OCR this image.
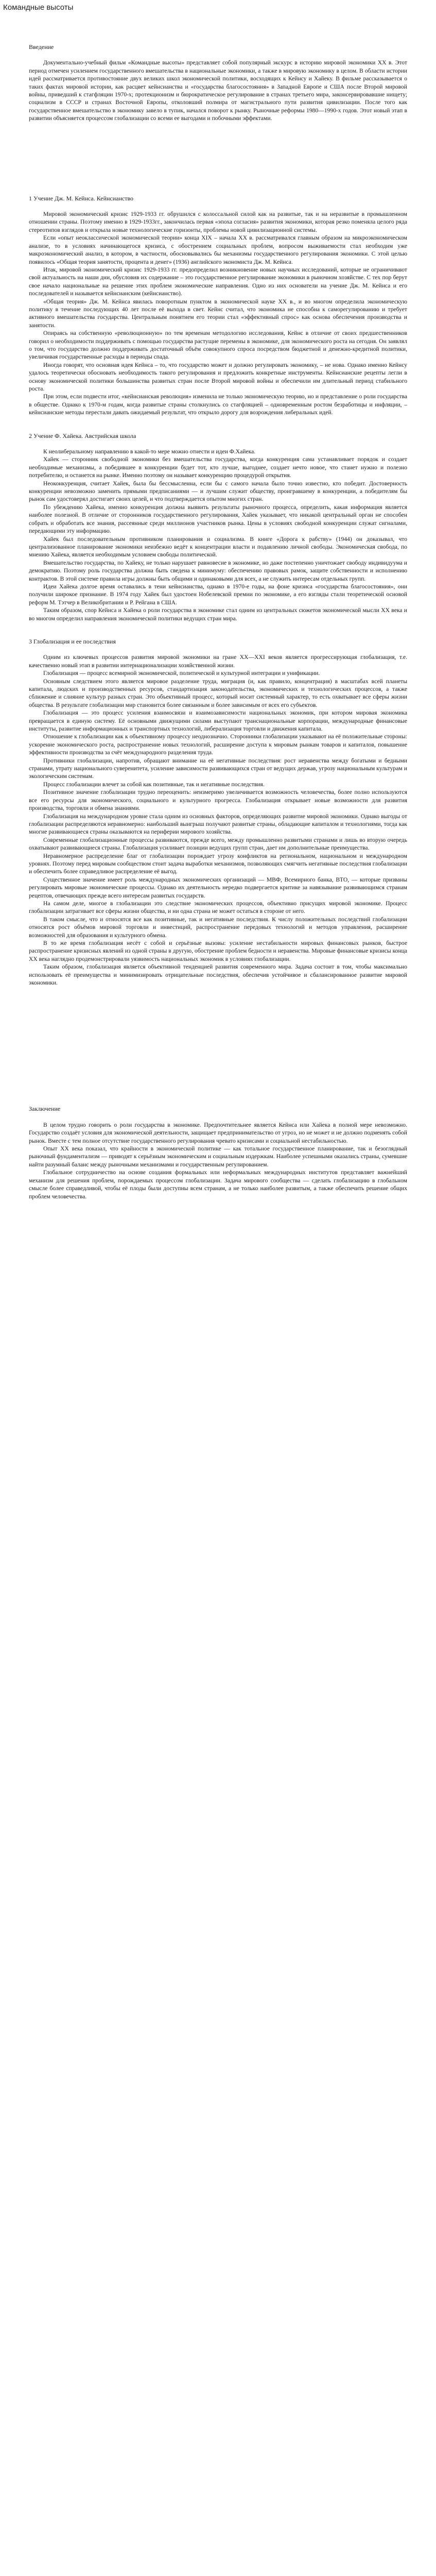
Командные высоты

Введение

Документально-учебный фильм «Командные высоты» представляет собой популярный экскурс в историю мировой экономики XX в. Этот период отмечен усилением государственного вмешательства в национальные экономики, а также в мировую экономику в целом. В области истории идей рассматривается противостояние двух великих школ экономической политики, восходящих к Кейнсу и Хайеку. В фильме рассказывается о таких фактах мировой истории, как расцвет кейнсианства и «государства благосостояния» в Западной Европе и США после Второй мировой войны, приведший к стагфляции 1970-х; протекционизм и бюрократическое регулирование в странах третьего мира, законсервировавшие нищету; социализм в СССР и странах Восточной Европы, отколовший полмира от магистрального пути развития цивилизации. После того как государственное вмешательство в экономику завело в тупик, начался поворот к рынку. Рыночные реформы 1980—1990-х годов. Этот новый этап в развитии объясняется процессом глобализации со всеми ее выгодами и побочными эффектами.

1 Учение Дж. М. Кейнса. Кейнсианство

Мировой экономический кризис 1929-1933 гг. обрушился с колоссальной силой как на развитые, так и на неразвитые в промышленном отношении страны. Поэтому именно в 1929-1933гг., закончилась первая «эпоха согласия» развития экономики, которая резко поменяла целого ряда стереотипов взглядов и открыла новые технологические горизонты, проблемы новой цивилизационной системы.

Если «опыт неоклассической экономической теории» конца XIX – начала XX в. рассматривался главным образом на микроэкономическом анализе, то в условиях начинающегося кризиса, с обострением социальных проблем, вопросом выживаемости стал необходим уже макроэкономический анализ, в котором, в частности, обосновывались бы механизмы государственного регулирования экономики. С этой целью появилось «Общая теория занятости, процента и денег» (1936) английского экономиста Дж. М. Кейнса.

Итак, мировой экономический кризис 1929-1933 гг. предопределил возникновение новых научных исследований, которые не ограничивают свой актуальность на наши дни, обусловив их содержание – это государственное регулирование экономики в рыночном хозяйстве. С тех пор берут свое начало национальные на решение этих проблем экономические направления. Одно из них основатели на учение Дж. М. Кейнса и его последователей и называется кейнсианским (кейнсианство).

«Общая теория» Дж. М. Кейнса явилась поворотным пунктом в экономической науке XX в., и во многом определила экономическую политику в течение последующих 40 лет после её выхода в свет. Кейнс считал, что экономика не способна к саморегулированию и требует активного вмешательства государства. Центральным понятием его теории стал «эффективный спрос» как основа обеспечения производства и занятости.

Опираясь на собственную «революционную» по тем временам методологию исследования, Кейнс в отличие от своих предшественников говорил о необходимости поддерживать с помощью государства растущие перемены в экономике, для экономического роста на сегодня. Он заявлял о том, что государство должно поддерживать достаточный объём совокупного спроса посредством бюджетной и денежно-кредитной политики, увеличивая государственные расходы в периоды спада.

Иногда говорят, что основная идея Кейнса – то, что государство может и должно регулировать экономику, – не нова. Однако именно Кейнсу удалось теоретически обосновать необходимость такого регулирования и предложить конкретные инструменты. Кейнсианские рецепты легли в основу экономической политики большинства развитых стран после Второй мировой войны и обеспечили им длительный период стабильного роста.

При этом, если подвести итог, «кейнсианская революция» изменила не только экономическую теорию, но и представление о роли государства в обществе. Однако к 1970-м годам, когда развитые страны столкнулись со стагфляцией – одновременным ростом безработицы и инфляции, – кейнсианские методы перестали давать ожидаемый результат, что открыло дорогу для возрождения либеральных идей.

2 Учение Ф. Хайека. Австрийская школа

К неолиберальному направлению в какой-то мере можно отнести и идеи Ф.Хайека.

Хайек — сторонник свободной экономики без вмешательства государства, когда конкуренция сама устанавливает порядок и создает необходимые механизмы, а победившее в конкуренции будет тот, кто лучше, выгоднее, создает нечто новое, что станет нужно и полезно потребителю, и останется на рынке. Именно поэтому он называет конкуренцию процедурой открытия.

Неоконкуренция, считает Хайек, была бы бессмысленна, если бы с самого начала было точно известно, кто победит. Достоверность конкуренции невозможно заменить прямыми предписаниями — и лучшим служит обществу, проигравшему в конкуренции, а победителям бы рынок сам удостоверял достигает своих целей, и что подтверждается опытом многих стран.

По убеждению Хайека, именно конкуренция должна выявить результаты рыночного процесса, определить, какая информация является наиболее полезной. В отличие от сторонников государственного регулирования, Хайек указывает, что никакой центральный орган не способен собрать и обработать все знания, рассеянные среди миллионов участников рынка. Цены в условиях свободной конкуренции служат сигналами, передающими эту информацию.

Хайек был последовательным противником планирования и социализма. В книге «Дорога к рабству» (1944) он доказывал, что централизованное планирование экономики неизбежно ведёт к концентрации власти и подавлению личной свободы. Экономическая свобода, по мнению Хайека, является необходимым условием свободы политической.

Вмешательство государства, по Хайеку, не только нарушает равновесие в экономике, но даже постепенно уничтожает свободу индивидуума и демократию. Поэтому роль государства должна быть сведена к минимуму: обеспечению правовых рамок, защите собственности и исполнению контрактов. В этой системе правила игры должны быть общими и одинаковыми для всех, а не служить интересам отдельных групп.

Идеи Хайека долгое время оставались в тени кейнсианства, однако в 1970-е годы, на фоне кризиса «государства благосостояния», они получили широкое признание. В 1974 году Хайек был удостоен Нобелевской премии по экономике, а его взгляды стали теоретической основой реформ М. Тэтчер в Великобритании и Р. Рейгана в США.

Таким образом, спор Кейнса и Хайека о роли государства в экономике стал одним из центральных сюжетов экономической мысли XX века и во многом определил направления экономической политики ведущих стран мира.

3 Глобализация и ее последствия

Одним из ключевых процессов развития мировой экономики на гране XX—XXI веков является прогрессирующая глобализация, т.е. качественно новый этап в развитии интернационализации хозяйственной жизни.

Глобализация — процесс всемирной экономической, политической и культурной интеграции и унификации.

Основным следствием этого является мировое разделение труда, миграция (и, как правило, концентрация) в масштабах всей планеты капитала, людских и производственных ресурсов, стандартизация законодательства, экономических и технологических процессов, а также сближение и слияние культур разных стран. Это объективный процесс, который носит системный характер, то есть охватывает все сферы жизни общества. В результате глобализации мир становится более связанным и более зависимым от всех его субъектов.

Глобализация — это процесс усиления взаимосвязи и взаимозависимости национальных экономик, при котором мировая экономика превращается в единую систему. Её основными движущими силами выступают транснациональные корпорации, международные финансовые институты, развитие информационных и транспортных технологий, либерализация торговли и движения капитала.

Отношение к глобализации как к объективному процессу неоднозначно. Сторонники глобализации указывают на её положительные стороны: ускорение экономического роста, распространение новых технологий, расширение доступа к мировым рынкам товаров и капиталов, повышение эффективности производства за счёт международного разделения труда.

Противники глобализации, напротив, обращают внимание на её негативные последствия: рост неравенства между богатыми и бедными странами, утрату национального суверенитета, усиление зависимости развивающихся стран от ведущих держав, угрозу национальным культурам и экологическим системам.

Процесс глобализации влечет за собой как позитивные, так и негативные последствия.

Позитивное значение глобализации трудно переоценить: неизмеримо увеличивается возможность человечества, более полно используются все его ресурсы для экономического, социального и культурного прогресса. Глобализация открывает новые возможности для развития производства, торговли и обмена знаниями.

Глобализация на международном уровне стала одним из основных факторов, определяющих развитие мировой экономики. Однако выгоды от глобализации распределяются неравномерно: наибольший выигрыш получают развитые страны, обладающие капиталом и технологиями, тогда как многие развивающиеся страны оказываются на периферии мирового хозяйства.

Современные глобализационные процессы развиваются, прежде всего, между промышленно развитыми странами и лишь во вторую очередь охватывают развивающиеся страны. Глобализация усиливает позиции ведущих групп стран, дает им дополнительные преимущества.

Неравномерное распределение благ от глобализации порождает угрозу конфликтов на региональном, национальном и международном уровнях. Поэтому перед мировым сообществом стоит задача выработки механизмов, позволяющих смягчить негативные последствия глобализации и обеспечить более справедливое распределение её выгод.

Существенное значение имеет роль международных экономических организаций — МВФ, Всемирного банка, ВТО, — которые призваны регулировать мировые экономические процессы. Однако их деятельность нередко подвергается критике за навязывание развивающимся странам рецептов, отвечающих прежде всего интересам развитых государств.

На самом деле, многое в глобализации это следствие экономических процессов, объективно присущих мировой экономике. Процесс глобализации затрагивает все сферы жизни общества, и ни одна страна не может остаться в стороне от него.

В таком смысле, что и относятся все как позитивные, так и негативные последствия. К числу положительных последствий глобализации относятся рост объёмов мировой торговли и инвестиций, распространение передовых технологий и методов управления, расширение возможностей для образования и культурного обмена.

В то же время глобализация несёт с собой и серьёзные вызовы: усиление нестабильности мировых финансовых рынков, быстрое распространение кризисных явлений из одной страны в другую, обострение проблем бедности и неравенства. Мировые финансовые кризисы конца XX века наглядно продемонстрировали уязвимость национальных экономик в условиях глобализации.

Таким образом, глобализация является объективной тенденцией развития современного мира. Задача состоит в том, чтобы максимально использовать её преимущества и минимизировать отрицательные последствия, обеспечив устойчивое и сбалансированное развитие мировой экономики.

Заключение

В целом трудно говорить о роли государства в экономике. Предпочтительнее является Кейнса или Хайека в полной мере невозможно. Государство создаёт условия для экономической деятельности, защищает предпринимательство от угроз, но не может и не должно подменять собой рынок. Вместе с тем полное отсутствие государственного регулирования чревато кризисами и социальной нестабильностью.

Опыт XX века показал, что крайности в экономической политике — как тотальное государственное планирование, так и безоглядный рыночный фундаментализм — приводят к серьёзным экономическим и социальным издержкам. Наиболее успешными оказались страны, сумевшие найти разумный баланс между рыночными механизмами и государственным регулированием.

Глобальное сотрудничество на основе создания формальных или неформальных международных институтов представляет важнейший механизм для решения проблем, порождаемых процессом глобализации. Задача мирового сообщества — сделать глобализацию в глобальном смысле более справедливой, чтобы её плоды были доступны всем странам, а не только наиболее развитым, а также обеспечить решение общих проблем человечества.
